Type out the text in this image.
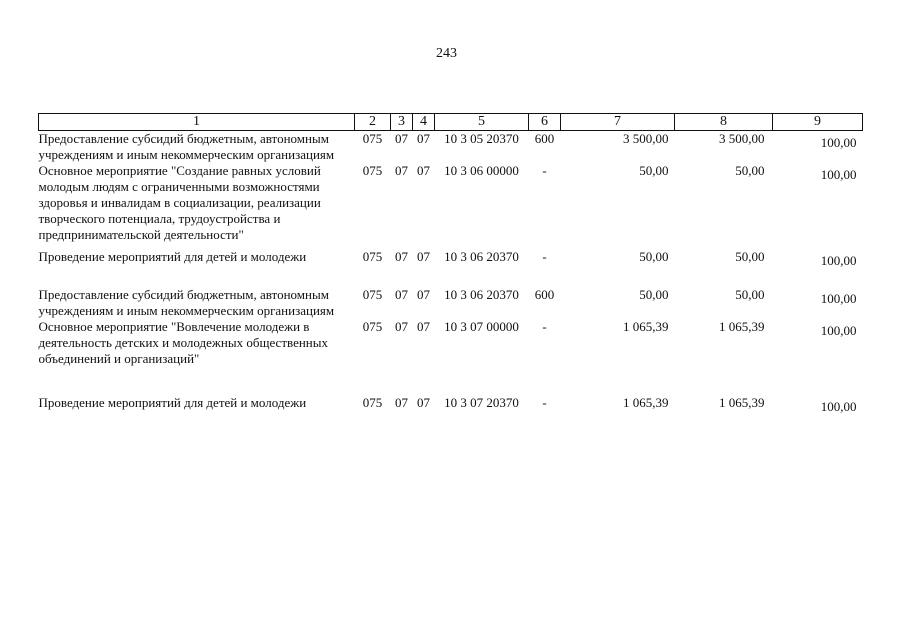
243
1	2	3	4	5	6	7	8	9
Предоставление субсидий бюджетным, автономным учреждениям и иным некоммерческим организациям	075	07	07	10 3 05 20370	600	3 500,00	3 500,00	100,00
Основное мероприятие "Создание равных условий молодым людям с ограниченными возможностями здоровья и инвалидам в социализации, реализации творческого потенциала, трудоустройства и предпринимательской деятельности"	075	07	07	10 3 06 00000	-	50,00	50,00	100,00

Проведение мероприятий для детей и молодежи	075	07	07	10 3 06 20370	-	50,00	50,00	100,00

Предоставление субсидий бюджетным, автономным учреждениям и иным некоммерческим организациям	075	07	07	10 3 06 20370	600	50,00	50,00	100,00
Основное мероприятие "Вовлечение молодежи в деятельность детских и молодежных общественных объединений и организаций"	075	07	07	10 3 07 00000	-	1 065,39	1 065,39	100,00

Проведение мероприятий для детей и молодежи	075	07	07	10 3 07 20370	-	1 065,39	1 065,39	100,00
